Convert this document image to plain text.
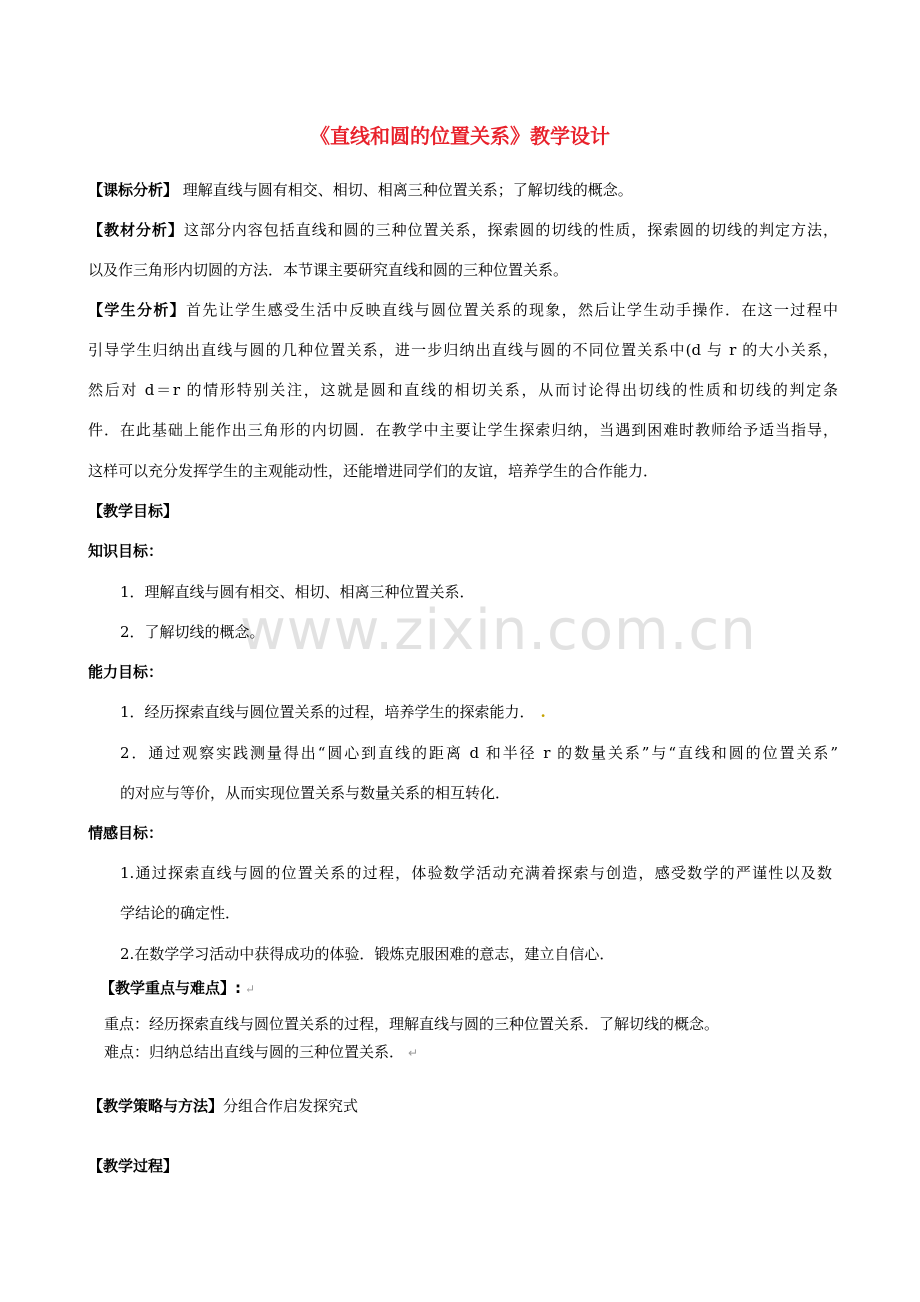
www.zixin.com.cn
《直线和圆的位置关系》教学设计
【课标分析】 理解直线与圆有相交、相切、相离三种位置关系；了解切线的概念。
【教材分析】这部分内容包括直线和圆的三种位置关系，探索圆的切线的性质，探索圆的切线的判定方法，
以及作三角形内切圆的方法．本节课主要研究直线和圆的三种位置关系。
【学生分析】首先让学生感受生活中反映直线与圆位置关系的现象，然后让学生动手操作．在这一过程中
引导学生归纳出直线与圆的几种位置关系，进一步归纳出直线与圆的不同位置关系中(d 与 r 的大小关系，
然后对 d＝r 的情形特别关注，这就是圆和直线的相切关系，从而讨论得出切线的性质和切线的判定条
件．在此基础上能作出三角形的内切圆．在教学中主要让学生探索归纳，当遇到困难时教师给予适当指导，
这样可以充分发挥学生的主观能动性，还能增进同学们的友谊，培养学生的合作能力．
【教学目标】
知识目标：
1．理解直线与圆有相交、相切、相离三种位置关系．
2．了解切线的概念。
能力目标：
1．经历探索直线与圆位置关系的过程，培养学生的探索能力． .
2．通过观察实践测量得出“圆心到直线的距离 d 和半径 r 的数量关系”与“直线和圆的位置关系”
的对应与等价，从而实现位置关系与数量关系的相互转化．
情感目标：
1.通过探索直线与圆的位置关系的过程，体验数学活动充满着探索与创造，感受数学的严谨性以及数
学结论的确定性．
2.在数学学习活动中获得成功的体验．锻炼克服困难的意志，建立自信心．
【教学重点与难点】: ↵
重点：经历探索直线与圆位置关系的过程，理解直线与圆的三种位置关系．了解切线的概念。
难点：归纳总结出直线与圆的三种位置关系． ↵
【教学策略与方法】分组合作启发探究式
【教学过程】
